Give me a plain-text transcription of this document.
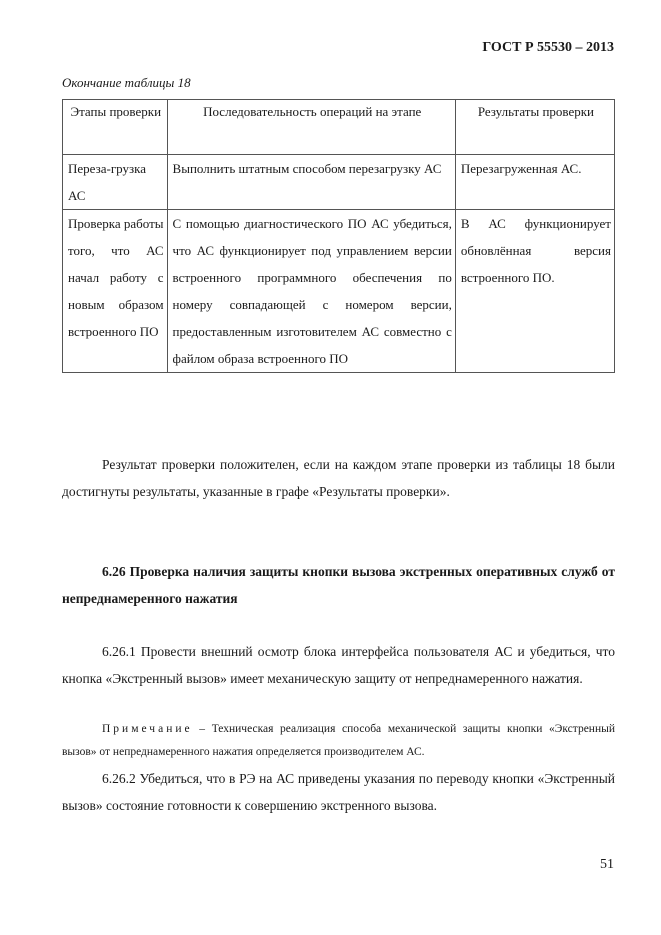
ГОСТ Р 55530 – 2013
Окончание таблицы 18
Этапы проверки	Последовательность операций на этапе	Результаты проверки

Переза-грузка АС	Выполнить штатным способом перезагрузку АС	Перезагруженная АС.

Проверка работы того, что АС начал работу с новым образом встроенного ПО	С помощью диагностического ПО АС убедиться, что АС функционирует под управлением версии встроенного программного обеспечения по номеру совпадающей с номером версии, предоставленным изготовителем АС совместно с файлом образа встроенного ПО	В АС функционирует обновлённая версия встроенного ПО.
Результат проверки положителен, если на каждом этапе проверки из таблицы 18 были достигнуты результаты, указанные в графе «Результаты проверки».
6.26 Проверка наличия защиты кнопки вызова экстренных оперативных служб от непреднамеренного нажатия
6.26.1 Провести внешний осмотр блока интерфейса пользователя АС и убедиться, что кнопка «Экстренный вызов» имеет механическую защиту от непреднамеренного нажатия.
Примечание – Техническая реализация способа механической защиты кнопки «Экстренный вызов» от непреднамеренного нажатия определяется производителем АС.
6.26.2 Убедиться, что в РЭ на АС приведены указания по переводу кнопки «Экстренный вызов» состояние готовности к совершению экстренного вызова.
51
